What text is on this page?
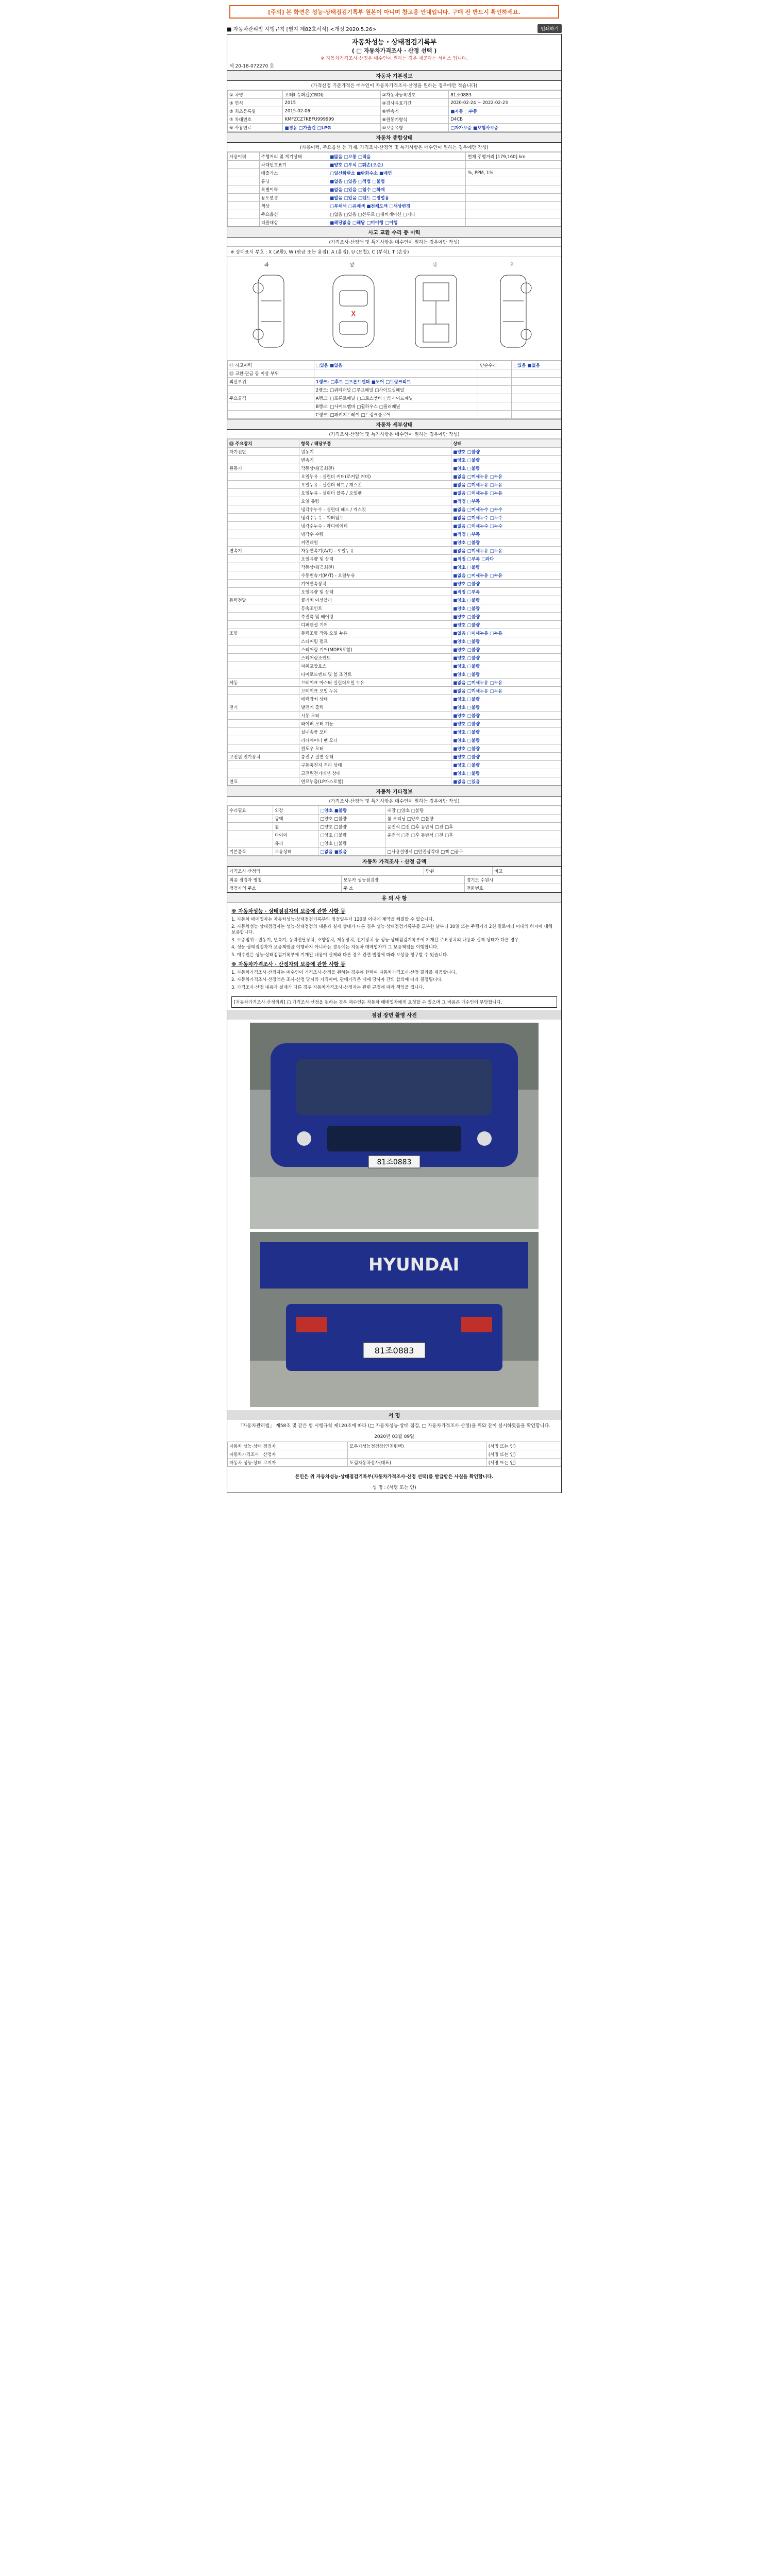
[주의] 본 화면은 성능·상태점검기록부 원본이 아니며 참고용 안내입니다. 구매 전 반드시 확인하세요.
■ 자동차관리법 시행규칙 [별지 제82호서식] <개정 2020.5.26>	인쇄하기
자동차성능 · 상태점검기록부
( □ 자동차가격조사 · 산정 선택 )
※ 자동차가격조사·산정은 매수인이 원하는 경우 제공하는 서비스 입니다.
제 20-18-072270 호
자동차 기본정보
(가격산정 기준가격은 매수인이 자동차가격조사·산정을 원하는 경우에만 적습니다)
① 차명	포터Ⅱ 슈퍼캡(CRDI)	②자동차등록번호	81조0883
③ 연식	2015	④검사유효기간	2020-02-24 ~ 2022-02-23
⑤ 최초등록일	2015-02-06	⑥변속기	■자동 □수동
⑦ 차대번호	KMFZCZ7KBFU999999	⑧원동기형식	D4CB
⑨ 사용연료	■경유 □가솔린 □LPG	⑩보증유형	□자가보증 ■보험사보증
자동차 종합상태
(사용이력, 주요옵션 등 기재. 가격조사·산정액 및 특기사항은 매수인이 원하는 경우에만 작성)
사용이력	주행거리 및 계기상태	■많음 □보통 □적음	현재 주행거리 [179,160] km
	차대번호표기	■양호 □부식 □훼손(오손)	
	배출가스	□일산화탄소 ■탄화수소 ■매연	%, PPM, 1%
	튜닝	■없음 □있음 □적법 □불법	
	특별이력	■없음 □있음 □침수 □화재	
	용도변경	■없음 □있음 □렌트 □영업용	
	색상	□무채색 □유채색 ■전체도색 □색상변경	
	주요옵션	□없음 □있음 □선루프 □내비게이션 □기타	
	리콜대상	■해당없음 □해당 □미이행 □이행	
사고 교환 수리 등 이력
(가격조사·산정액 및 특기사항은 매수인이 원하는 경우에만 작성)
※ 상태표시 부호 : X (교환), W (판금 또는 용접), A (흠집), U (요철), C (부식), T (손상)
X
좌	앞	뒤	우
⑪ 사고이력	□있음 ■없음	단순수리	□있음 ■없음
⑫ 교환·판금 등 이상 부위			
외판부위	1랭크: □후드 □프론트펜더 ■도어 □트렁크리드		
	2랭크: □쿼터패널 □루프패널 □사이드실패널		
주요골격	A랭크: □프론트패널 □크로스멤버 □인사이드패널		
	B랭크: □사이드멤버 □휠하우스 □필러패널		
	C랭크: □패키지트레이 □트렁크플로어		
자동차 세부상태
(가격조사·산정액 및 특기사항은 매수인이 원하는 경우에만 작성)
⑬ 주요장치	항목 / 해당부품	상태
자기진단	원동기	■양호 □불량
	변속기	■양호 □불량
원동기	작동상태(공회전)	■양호 □불량
	오일누유 - 실린더 커버(로커암 커버)	■없음 □미세누유 □누유
	오일누유 - 실린더 헤드 / 개스킷	■없음 □미세누유 □누유
	오일누유 - 실린더 블록 / 오일팬	■없음 □미세누유 □누유
	오일 유량	■적정 □부족
	냉각수누수 - 실린더 헤드 / 개스킷	■없음 □미세누수 □누수
	냉각수누수 - 워터펌프	■없음 □미세누수 □누수
	냉각수누수 - 라디에이터	■없음 □미세누수 □누수
	냉각수 수량	■적정 □부족
	커먼레일	■양호 □불량
변속기	자동변속기(A/T) - 오일누유	■없음 □미세누유 □누유
	오일유량 및 상태	■적정 □부족 □과다
	작동상태(공회전)	■양호 □불량
	수동변속기(M/T) - 오일누유	■없음 □미세누유 □누유
	기어변속장치	■양호 □불량
	오일유량 및 상태	■적정 □부족
동력전달	클러치 어셈블리	■양호 □불량
	등속조인트	■양호 □불량
	추진축 및 베어링	■양호 □불량
	디퍼렌셜 기어	■양호 □불량
조향	동력조향 작동 오일 누유	■없음 □미세누유 □누유
	스티어링 펌프	■양호 □불량
	스티어링 기어(MDPS포함)	■양호 □불량
	스티어링조인트	■양호 □불량
	파워고압호스	■양호 □불량
	타이로드엔드 및 볼 조인트	■양호 □불량
제동	브레이크 마스터 실린더오일 누유	■없음 □미세누유 □누유
	브레이크 오일 누유	■없음 □미세누유 □누유
	배력장치 상태	■양호 □불량
전기	발전기 출력	■양호 □불량
	시동 모터	■양호 □불량
	와이퍼 모터 기능	■양호 □불량
	실내송풍 모터	■양호 □불량
	라디에이터 팬 모터	■양호 □불량
	윈도우 모터	■양호 □불량
고전원 전기장치	충전구 절연 상태	■양호 □불량
	구동축전지 격리 상태	■양호 □불량
	고전원전기배선 상태	■양호 □불량
연료	연료누출(LP가스포함)	■없음 □있음
자동차 기타정보
(가격조사·산정액 및 특기사항은 매수인이 원하는 경우에만 작성)
수리필요	외장	□양호 ■불량	내장 □양호 □불량
	광택	□양호 □불량	룸 크리닝 □양호 □불량
	휠	□양호 □불량	운전석 □전 □후 동반석 □전 □후
	타이어	□양호 □불량	운전석 □전 □후 동반석 □전 □후
	유리	□양호 □불량	
기본품목	보유상태	□없음 ■있음	□사용설명서 □안전삼각대 □잭 □공구
자동차 가격조사 · 산정 금액
가격조사·산정액	만원	비고
최종 점검자 명칭	모두카 성능점검장	경기도 수원시
점검자의 주소	주 소	전화번호
유 의 사 항
※ 자동차성능 · 상태점검자의 보증에 관한 사항 등

1. 자동차 매매업자는 자동차성능·상태점검기록부의 점검일부터 120일 이내에 계약을 체결할 수 없습니다.

2. 자동차성능·상태점검자는 성능·상태점검의 내용과 실제 상태가 다른 경우 성능·상태점검기록부를 교부한 날부터 30일 또는 주행거리 2천 킬로미터 이내의 하자에 대해 보증합니다.

3. 보증범위 : 원동기, 변속기, 동력전달장치, 조향장치, 제동장치, 전기장치 등 성능·상태점검기록부에 기재된 주요장치의 내용과 실제 상태가 다른 경우.

4. 성능·상태점검자가 보증책임을 이행하지 아니하는 경우에는 자동차 매매업자가 그 보증책임을 이행합니다.

5. 매수인은 성능·상태점검기록부에 기재된 내용이 실제와 다른 경우 관련 법령에 따라 보상을 청구할 수 있습니다.

※ 자동차가격조사 · 산정자의 보증에 관한 사항 등

1. 자동차가격조사·산정자는 매수인이 가격조사·산정을 원하는 경우에 한하여 자동차가격조사·산정 결과를 제공합니다.

2. 자동차가격조사·산정액은 조사·산정 당시의 가격이며, 판매가격은 매매 당사자 간의 합의에 따라 결정됩니다.

3. 가격조사·산정 내용과 실제가 다른 경우 자동차가격조사·산정자는 관련 규정에 따라 책임을 집니다.

[자동차가격조사·산정의뢰] □ 가격조사·산정을 원하는 경우 매수인은 자동차 매매업자에게 요청할 수 있으며 그 비용은 매수인이 부담합니다.
점검 장면 촬영 사진
81조0883
81조0883
HYUNDAI
서 명
「자동차관리법」 제58조 및 같은 법 시행규칙 제120조에 따라 (□ 자동차성능·상태 점검, □ 자동차가격조사·산정)을 위와 같이 실시하였음을 확인합니다.
2020년 03월 09일
자동차 성능·상태 점검자	모두카성능점검장(인천평택)	(서명 또는 인)
자동차가격조사 · 산정자		(서명 또는 인)
자동차 성능·상태 고지자	도림자동차상사(대표)	(서명 또는 인)
본인은 위 자동차성능·상태점검기록부(자동차가격조사·산정 선택)를 발급받은 사실을 확인합니다.
성 명 : (서명 또는 인)
